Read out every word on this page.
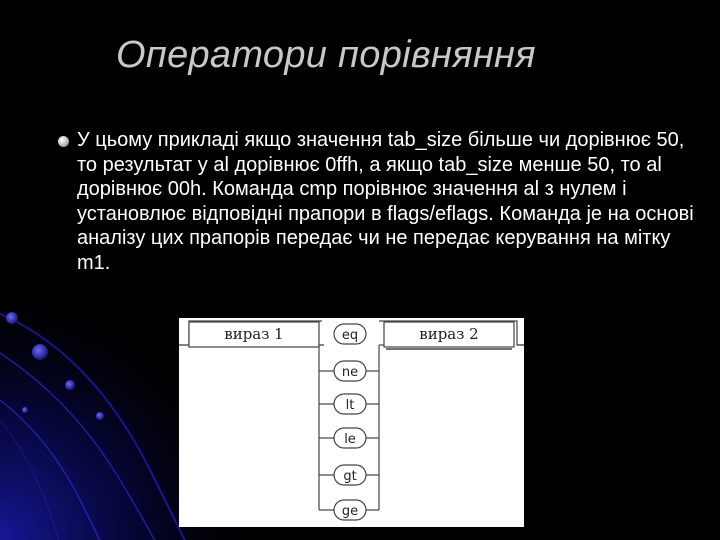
Оператори порівняння

У цьому прикладі якщо значення tab_size більше чи дорівнює 50, то результат у al дорівнює 0ffh, а якщо tab_size менше 50, то al дорівнює 00h. Команда cmp порівнює значення al з нулем і установлює відповідні прапори в flags/eflags. Команда je на основі аналізу цих прапорів передає чи не передає керування на мітку m1.

вираз 1	вираз 2
eq
ne
lt
le
gt
ge
